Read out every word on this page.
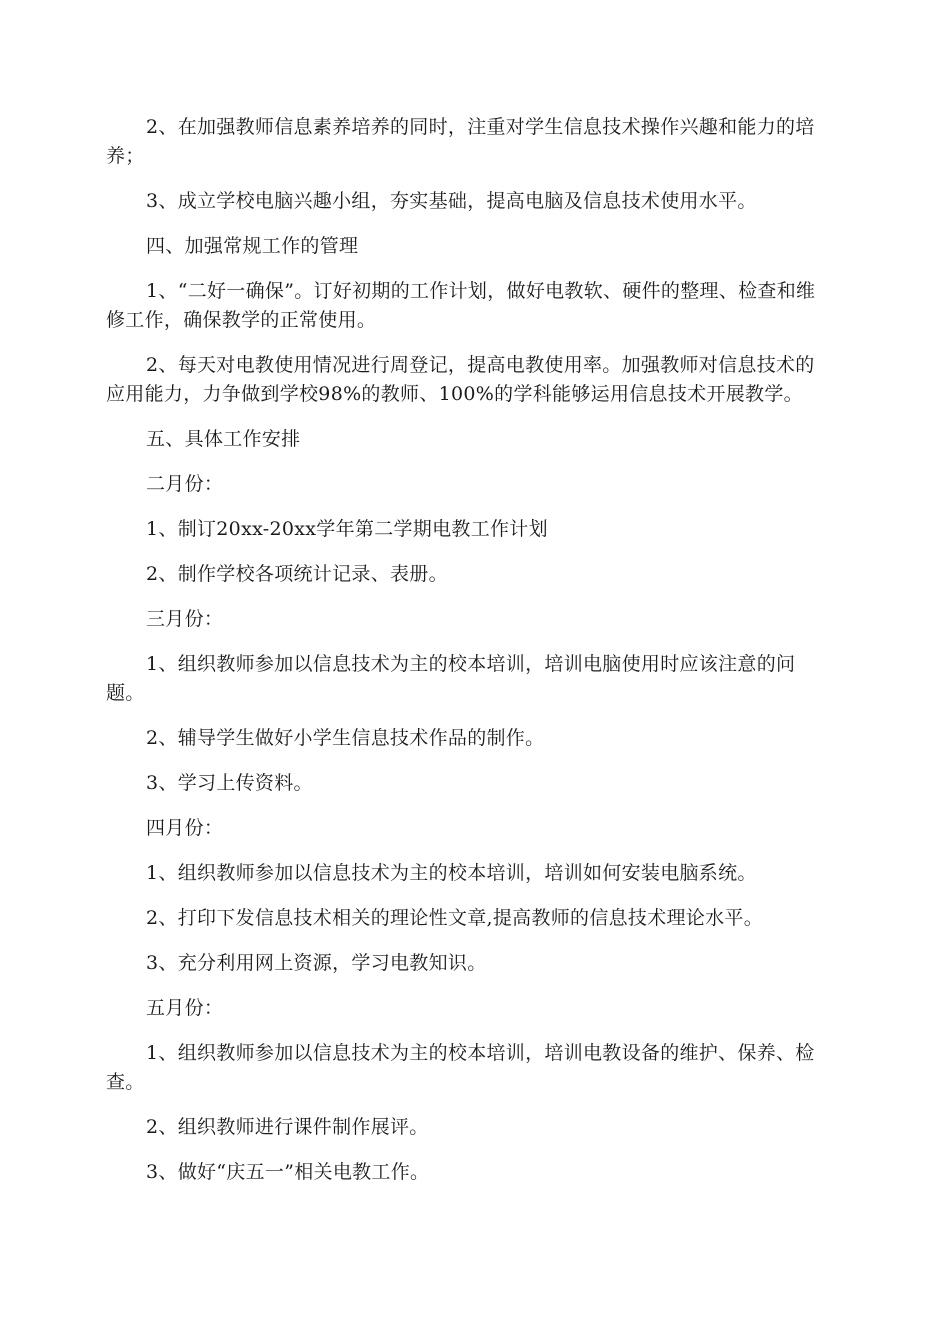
2、在加强教师信息素养培养的同时，注重对学生信息技术操作兴趣和能力的培养；

3、成立学校电脑兴趣小组，夯实基础，提高电脑及信息技术使用水平。

四、加强常规工作的管理

1、“二好一确保”。订好初期的工作计划，做好电教软、硬件的整理、检查和维修工作，确保教学的正常使用。

2、每天对电教使用情况进行周登记，提高电教使用率。加强教师对信息技术的应用能力，力争做到学校98%的教师、100%的学科能够运用信息技术开展教学。

五、具体工作安排

二月份：

1、制订20xx-20xx学年第二学期电教工作计划

2、制作学校各项统计记录、表册。

三月份：

1、组织教师参加以信息技术为主的校本培训，培训电脑使用时应该注意的问题。

2、辅导学生做好小学生信息技术作品的制作。

3、学习上传资料。

四月份：

1、组织教师参加以信息技术为主的校本培训，培训如何安装电脑系统。

2、打印下发信息技术相关的理论性文章,提高教师的信息技术理论水平。

3、充分利用网上资源，学习电教知识。

五月份：

1、组织教师参加以信息技术为主的校本培训，培训电教设备的维护、保养、检查。

2、组织教师进行课件制作展评。

3、做好“庆五一”相关电教工作。
